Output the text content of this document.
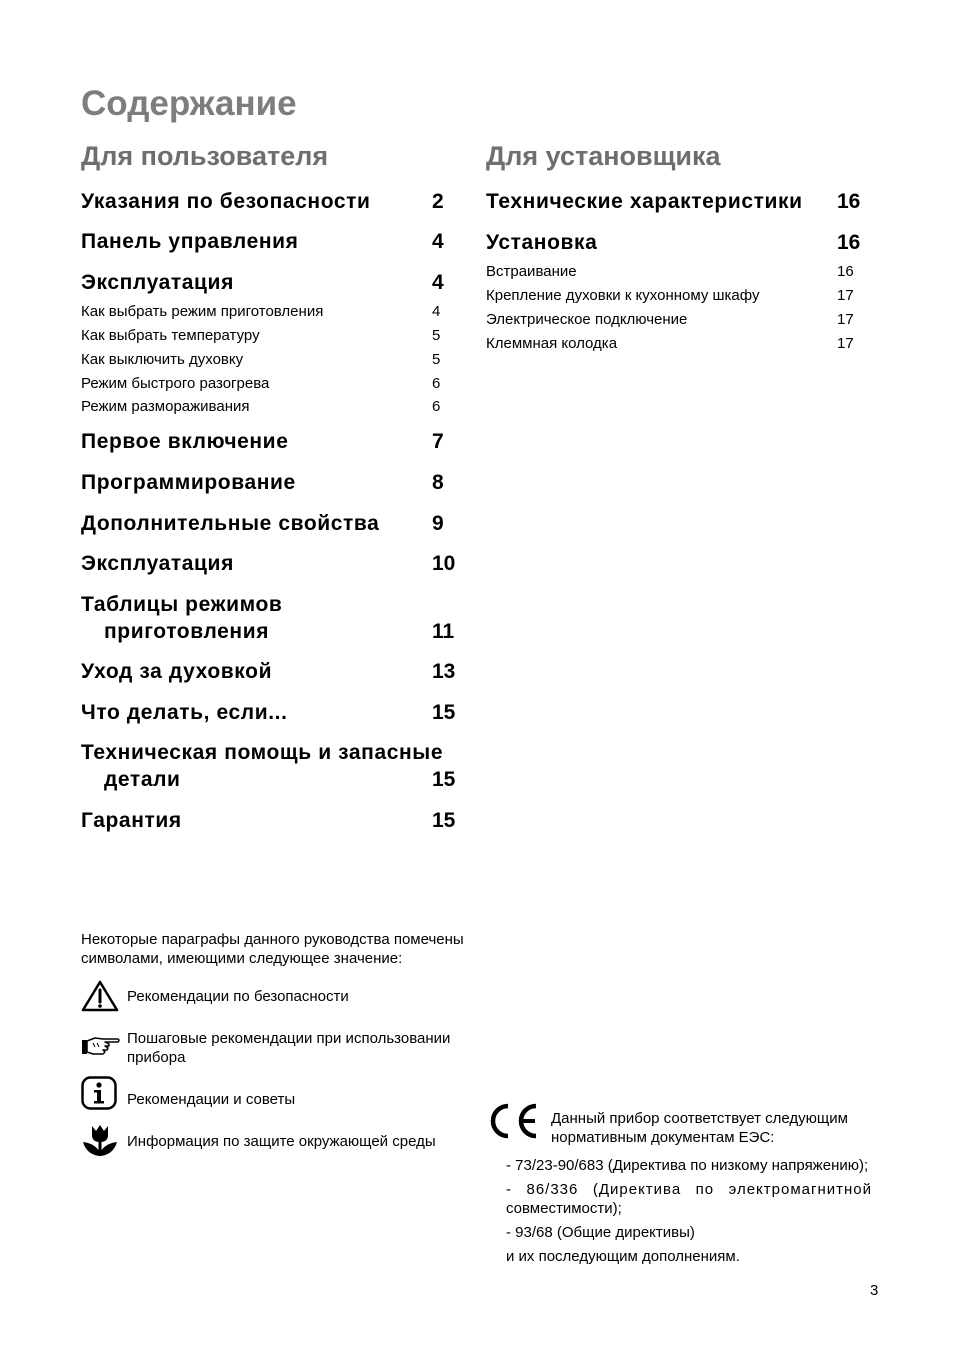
Содержание
Для пользователя
Указания по безопасности	2
Панель управления	4
Эксплуатация	4
Как выбрать режим приготовления	4
Как выбрать температуру	5
Как выключить духовку	5
Режим быстрого разогрева	6
Режим размораживания	6
Первое включение	7
Программирование	8
Дополнительные свойства	9
Эксплуатация	10
Таблицы режимов
приготовления	11
Уход за духовкой	13
Что делать, если...	15
Техническая помощь и запасные
детали	15
Гарантия	15
Для установщика
Технические характеристики 16
Установка	16
Встраивание	16
Крепление духовки к кухонному шкафу	17
Электрическое подключение	17
Клеммная колодка	17
Некоторые параграфы данного руководства помечены
символами, имеющими следующее значение:
Рекомендации по безопасности
Пошаговые рекомендации при использовании
прибора
Рекомендации и советы
Информация по защите окружающей среды
Данный прибор соответствует следующим
нормативным документам ЕЭС:
- 73/23-90/683 (Директива по низкому напряжению);
- 86/336 (Директива по электромагнитной
совместимости);
- 93/68 (Общие директивы)
и их последующим дополнениям.
3
